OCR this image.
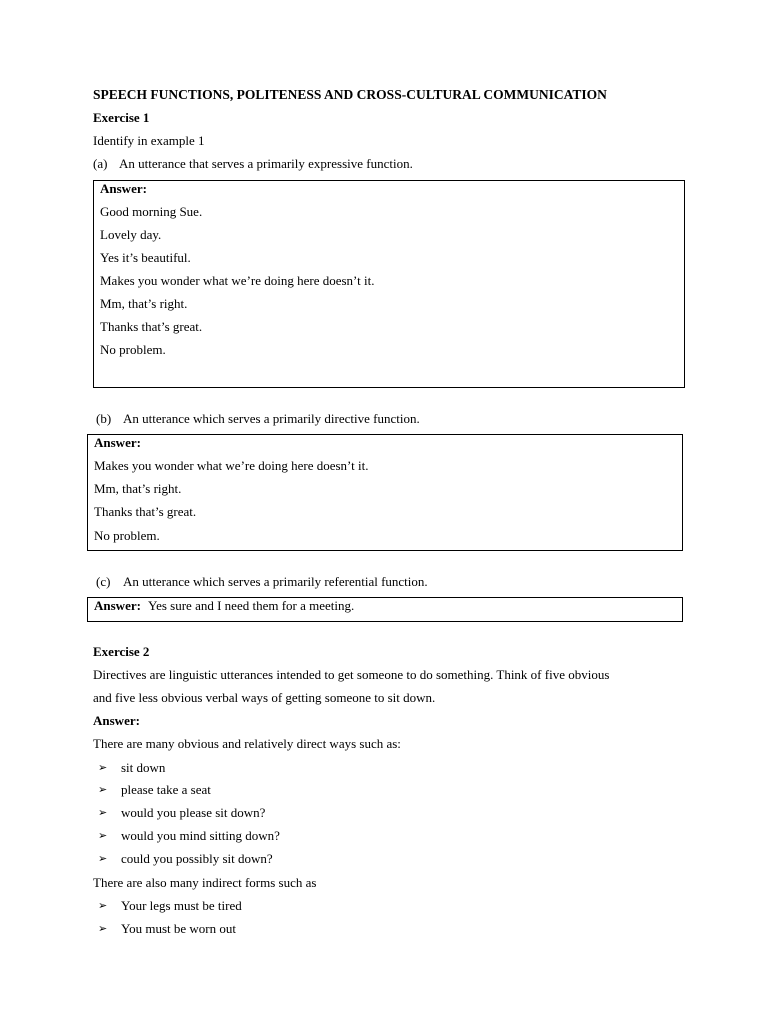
SPEECH FUNCTIONS, POLITENESS AND CROSS-CULTURAL COMMUNICATION
Exercise 1
Identify in example 1
(a) An utterance that serves a primarily expressive function.
Answer:
Good morning Sue.
Lovely day.
Yes it’s beautiful.
Makes you wonder what we’re doing here doesn’t it.
Mm, that’s right.
Thanks that’s great.
No problem.
(b) An utterance which serves a primarily directive function.
Answer:
Makes you wonder what we’re doing here doesn’t it.
Mm, that’s right.
Thanks that’s great.
No problem.
(c) An utterance which serves a primarily referential function.
Answer: Yes sure and I need them for a meeting.
Exercise 2
Directives are linguistic utterances intended to get someone to do something. Think of five obvious
and five less obvious verbal ways of getting someone to sit down.
Answer:
There are many obvious and relatively direct ways such as:
➢ sit down
➢ please take a seat
➢ would you please sit down?
➢ would you mind sitting down?
➢ could you possibly sit down?
There are also many indirect forms such as
➢ Your legs must be tired
➢ You must be worn out
